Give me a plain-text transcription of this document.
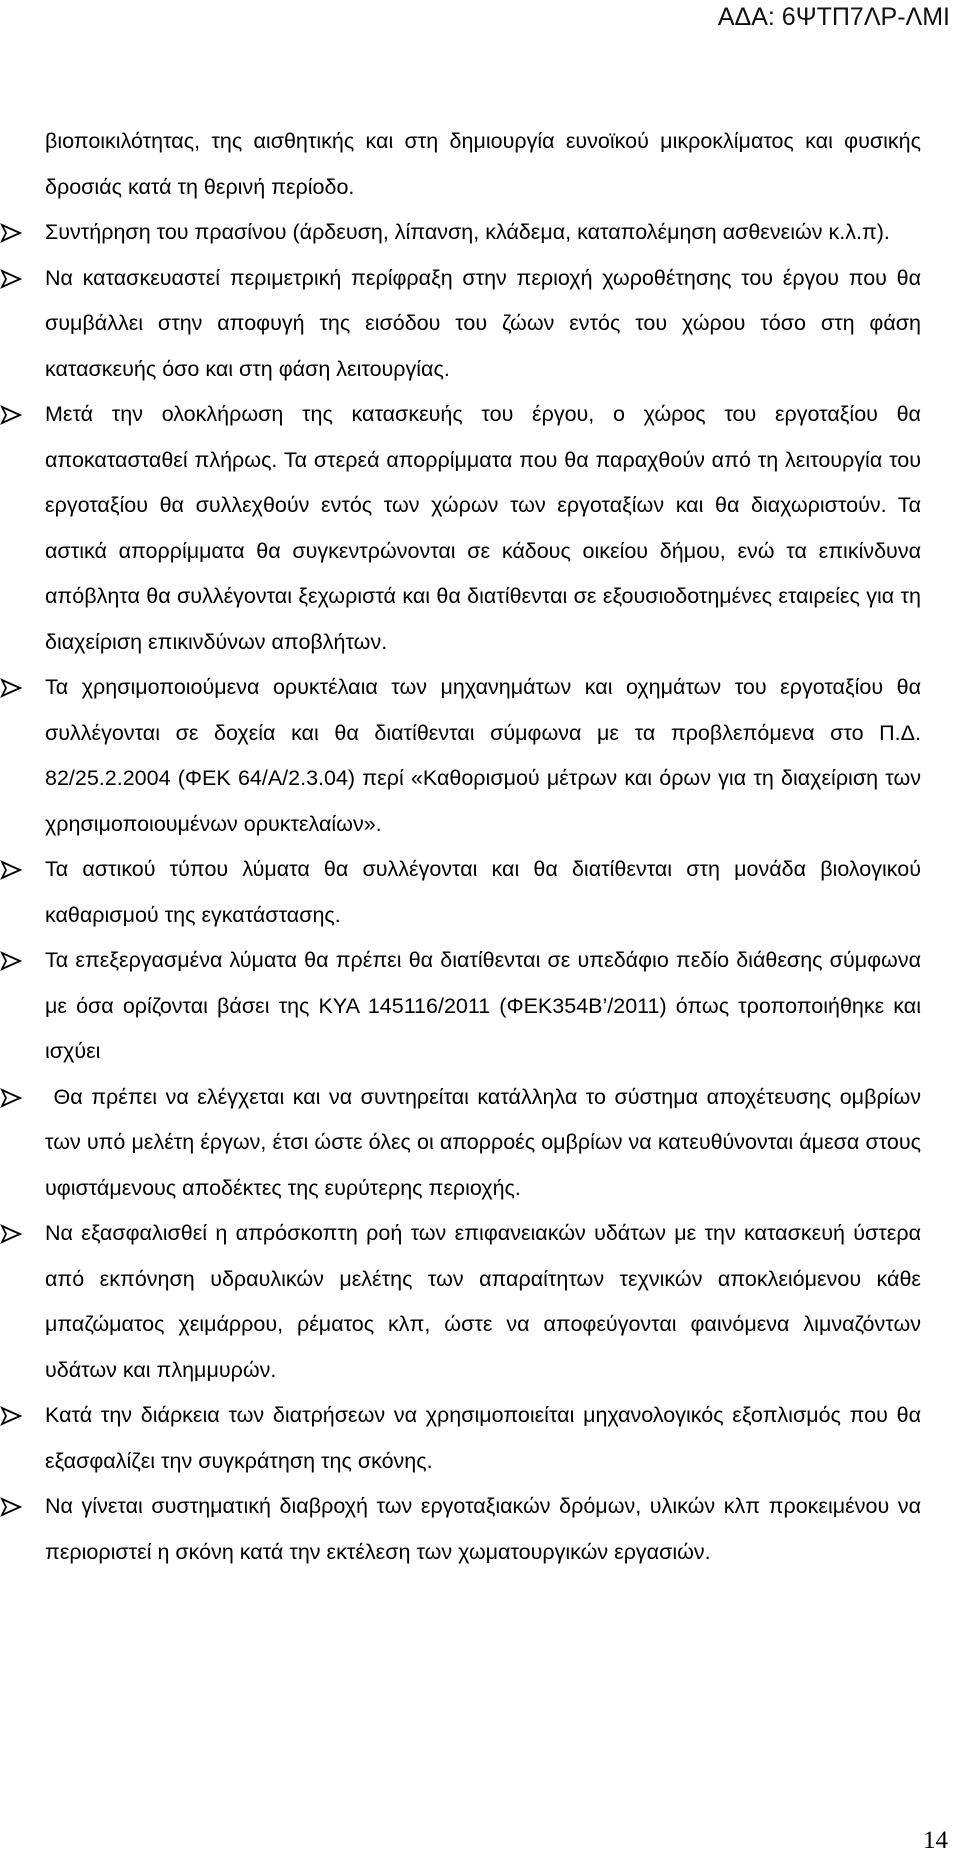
ΑΔΑ: 6ΨΤΠ7ΛΡ-ΛΜΙ

βιοποικιλότητας, της αισθητικής και στη δημιουργία ευνοϊκού μικροκλίματος και φυσικής δροσιάς κατά τη θερινή περίοδο.

Συντήρηση του πρασίνου (άρδευση, λίπανση, κλάδεμα, καταπολέμηση ασθενειών κ.λ.π).
Να κατασκευαστεί περιμετρική περίφραξη στην περιοχή χωροθέτησης του έργου που θα συμβάλλει στην αποφυγή της εισόδου του ζώων εντός του χώρου τόσο στη φάση κατασκευής όσο και στη φάση λειτουργίας.
Μετά την ολοκλήρωση της κατασκευής του έργου, ο χώρος του εργοταξίου θα αποκατασταθεί πλήρως. Τα στερεά απορρίμματα που θα παραχθούν από τη λειτουργία του εργοταξίου θα συλλεχθούν εντός των χώρων των εργοταξίων και θα διαχωριστούν. Τα αστικά απορρίμματα θα συγκεντρώνονται σε κάδους οικείου δήμου, ενώ τα επικίνδυνα απόβλητα θα συλλέγονται ξεχωριστά και θα διατίθενται σε εξουσιοδοτημένες εταιρείες για τη διαχείριση επικινδύνων αποβλήτων.
Τα χρησιμοποιούμενα ορυκτέλαια των μηχανημάτων και οχημάτων του εργοταξίου θα συλλέγονται σε δοχεία και θα διατίθενται σύμφωνα με τα προβλεπόμενα στο Π.Δ. 82/25.2.2004 (ΦΕΚ 64/Α/2.3.04) περί «Καθορισμού μέτρων και όρων για τη διαχείριση των χρησιμοποιουμένων ορυκτελαίων».
Τα αστικού τύπου λύματα θα συλλέγονται και θα διατίθενται στη μονάδα βιολογικού καθαρισμού της εγκατάστασης.
Τα επεξεργασμένα λύματα θα πρέπει θα διατίθενται σε υπεδάφιο πεδίο διάθεσης σύμφωνα με όσα ορίζονται βάσει της ΚΥΑ 145116/2011 (ΦΕΚ354Β’/2011) όπως τροποποιήθηκε και ισχύει
Θα πρέπει να ελέγχεται και να συντηρείται κατάλληλα το σύστημα αποχέτευσης ομβρίων των υπό μελέτη έργων, έτσι ώστε όλες οι απορροές ομβρίων να κατευθύνονται άμεσα στους υφιστάμενους αποδέκτες της ευρύτερης περιοχής.
Να εξασφαλισθεί η απρόσκοπτη ροή των επιφανειακών υδάτων με την κατασκευή ύστερα από εκπόνηση υδραυλικών μελέτης των απαραίτητων τεχνικών αποκλειόμενου κάθε μπαζώματος χειμάρρου, ρέματος κλπ, ώστε να αποφεύγονται φαινόμενα λιμναζόντων υδάτων και πλημμυρών.
Κατά την διάρκεια των διατρήσεων να χρησιμοποιείται μηχανολογικός εξοπλισμός που θα εξασφαλίζει την συγκράτηση της σκόνης.
Να γίνεται συστηματική διαβροχή των εργοταξιακών δρόμων, υλικών κλπ προκειμένου να περιοριστεί η σκόνη κατά την εκτέλεση των χωματουργικών εργασιών.
14
